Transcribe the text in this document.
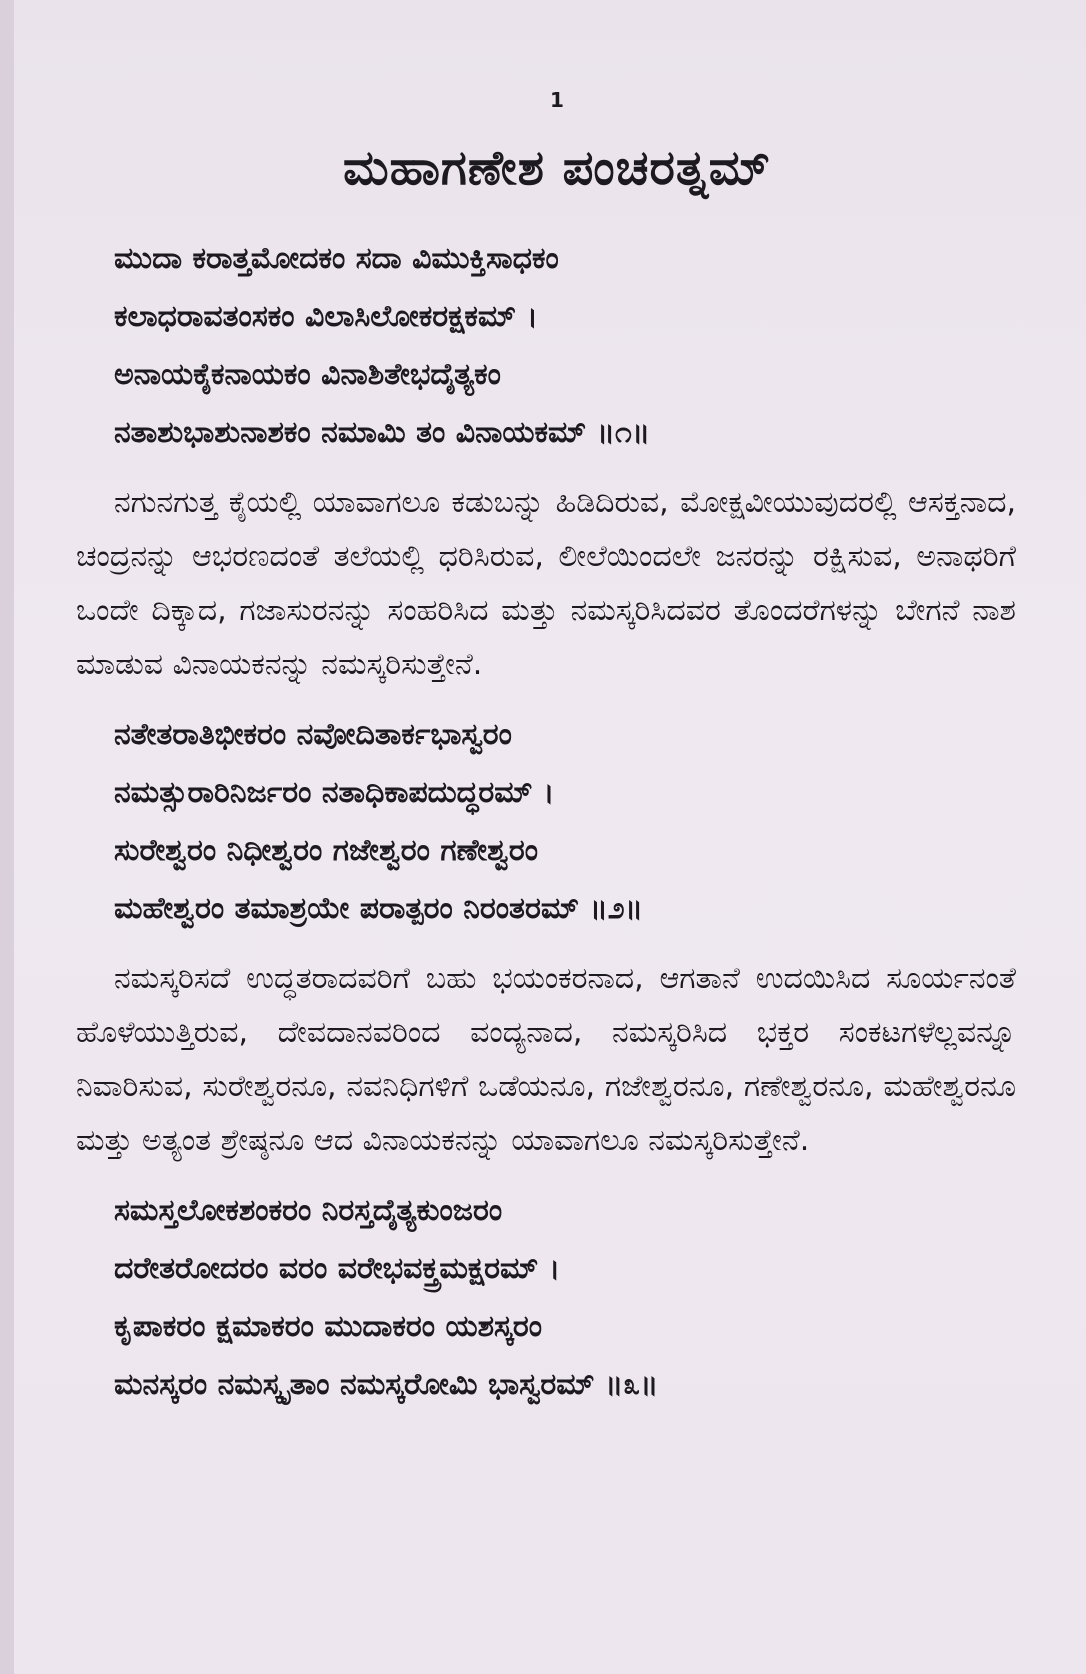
1
ಮಹಾಗಣೇಶ ಪಂಚರತ್ನಮ್
ಮುದಾ ಕರಾತ್ತಮೋದಕಂ ಸದಾ ವಿಮುಕ್ತಿಸಾಧಕಂ
ಕಲಾಧರಾವತಂಸಕಂ ವಿಲಾಸಿಲೋಕರಕ್ಷಕಮ್ ।
ಅನಾಯಕೈಕನಾಯಕಂ ವಿನಾಶಿತೇಭದೈತ್ಯಕಂ
ನತಾಶುಭಾಶುನಾಶಕಂ ನಮಾಮಿ ತಂ ವಿನಾಯಕಮ್ ॥೧॥

ನಗುನಗುತ್ತ ಕೈಯಲ್ಲಿ ಯಾವಾಗಲೂ ಕಡುಬನ್ನು ಹಿಡಿದಿರುವ, ಮೋಕ್ಷವೀಯುವುದರಲ್ಲಿ ಆಸಕ್ತನಾದ, ಚಂದ್ರನನ್ನು ಆಭರಣದಂತೆ ತಲೆಯಲ್ಲಿ ಧರಿಸಿರುವ, ಲೀಲೆಯಿಂದಲೇ ಜನರನ್ನು ರಕ್ಷಿಸುವ, ಅನಾಥರಿಗೆ ಒಂದೇ ದಿಕ್ಕಾದ, ಗಜಾಸುರನನ್ನು ಸಂಹರಿಸಿದ ಮತ್ತು ನಮಸ್ಕರಿಸಿದವರ ತೊಂದರೆಗಳನ್ನು ಬೇಗನೆ ನಾಶ ಮಾಡುವ ವಿನಾಯಕನನ್ನು ನಮಸ್ಕರಿಸುತ್ತೇನೆ.

ನತೇತರಾತಿಭೀಕರಂ ನವೋದಿತಾರ್ಕಭಾಸ್ವರಂ
ನಮತ್ಸುರಾರಿನಿರ್ಜರಂ ನತಾಧಿಕಾಪದುದ್ಧರಮ್ ।
ಸುರೇಶ್ವರಂ ನಿಧೀಶ್ವರಂ ಗಜೇಶ್ವರಂ ಗಣೇಶ್ವರಂ
ಮಹೇಶ್ವರಂ ತಮಾಶ್ರಯೇ ಪರಾತ್ಪರಂ ನಿರಂತರಮ್ ॥೨॥

ನಮಸ್ಕರಿಸದೆ ಉದ್ಧತರಾದವರಿಗೆ ಬಹು ಭಯಂಕರನಾದ, ಆಗತಾನೆ ಉದಯಿಸಿದ ಸೂರ್ಯನಂತೆ ಹೊಳೆಯುತ್ತಿರುವ, ದೇವದಾನವರಿಂದ ವಂದ್ಯನಾದ, ನಮಸ್ಕರಿಸಿದ ಭಕ್ತರ ಸಂಕಟಗಳೆಲ್ಲವನ್ನೂ ನಿವಾರಿಸುವ, ಸುರೇಶ್ವರನೂ, ನವನಿಧಿಗಳಿಗೆ ಒಡೆಯನೂ, ಗಜೇಶ್ವರನೂ, ಗಣೇಶ್ವರನೂ, ಮಹೇಶ್ವರನೂ ಮತ್ತು ಅತ್ಯಂತ ಶ್ರೇಷ್ಠನೂ ಆದ ವಿನಾಯಕನನ್ನು ಯಾವಾಗಲೂ ನಮಸ್ಕರಿಸುತ್ತೇನೆ.

ಸಮಸ್ತಲೋಕಶಂಕರಂ ನಿರಸ್ತದೈತ್ಯಕುಂಜರಂ
ದರೇತರೋದರಂ ವರಂ ವರೇಭವಕ್ತ್ರಮಕ್ಷರಮ್ ।
ಕೃಪಾಕರಂ ಕ್ಷಮಾಕರಂ ಮುದಾಕರಂ ಯಶಸ್ಕರಂ
ಮನಸ್ಕರಂ ನಮಸ್ಕೃತಾಂ ನಮಸ್ಕರೋಮಿ ಭಾಸ್ವರಮ್ ॥೩॥
